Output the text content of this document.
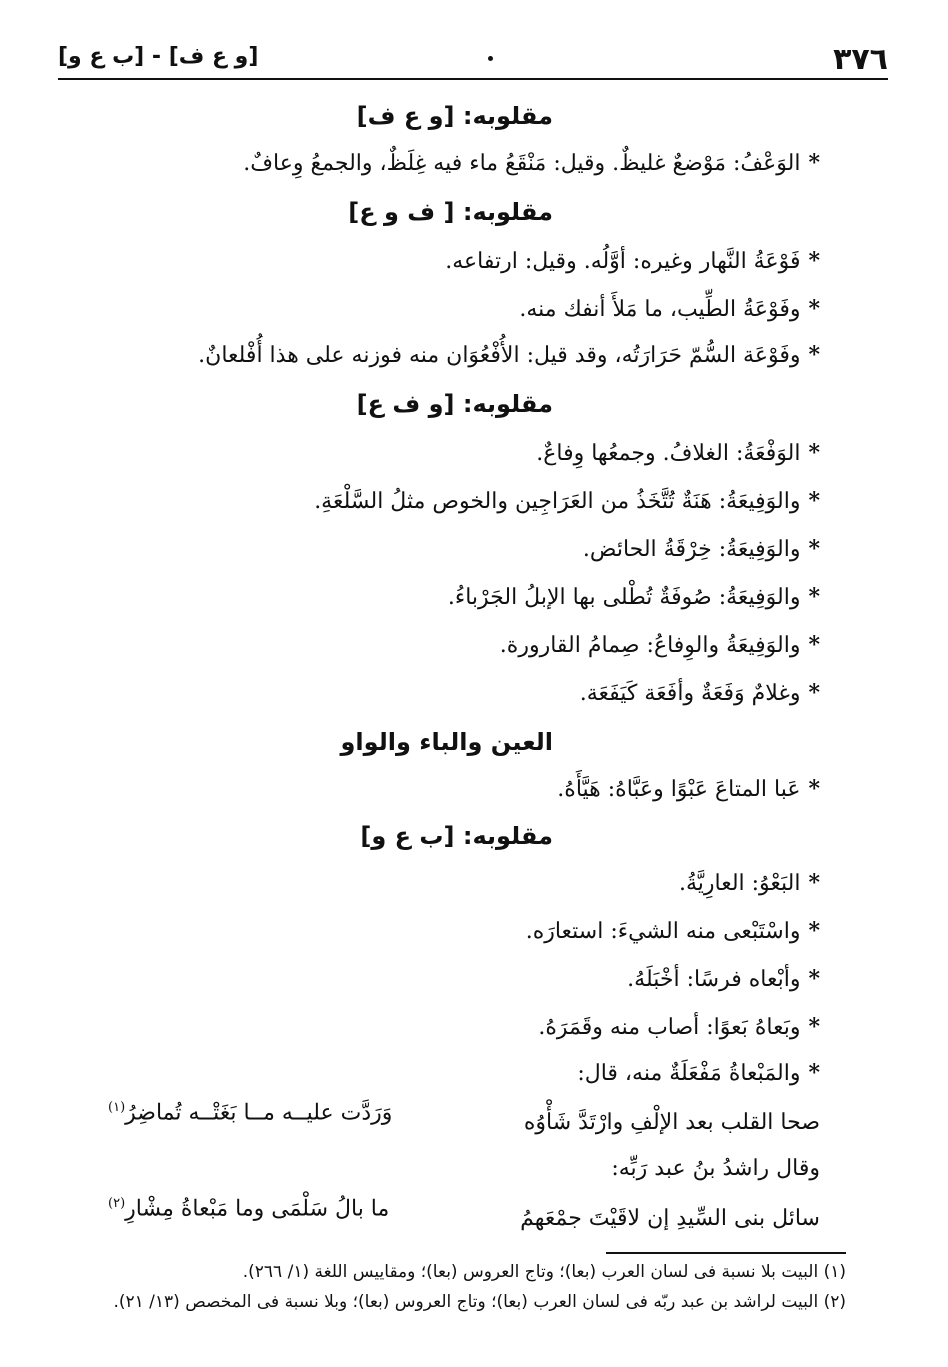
٣٧٦
[و ع ف] - [ب ع و]
مقلوبه: [و ع ف]
*الوَعْفُ: مَوْضعٌ غليظٌ. وقيل: مَنْقَعُ ماء فيه غِلَظٌ، والجمعُ وِعافٌ.
مقلوبه: [ ف و ع]
*فَوْعَةُ النَّهار وغيره: أوَّلُه. وقيل: ارتفاعه.
*وفَوْعَةُ الطِّيب، ما مَلأَ أنفك منه.
*وفَوْعَة السُّمّ حَرَارَتُه، وقد قيل: الأُفْعُوَان منه فوزنه على هذا أُفْلعانٌ.
مقلوبه: [و ف ع]
*الوَفْعَةُ: الغلافُ. وجمعُها وِفاعٌ.
*والوَفِيعَةُ: هَنَةٌ تُتَّخَذُ من العَرَاجِين والخوص مثلُ السَّلْعَةِ.
*والوَفِيعَةُ: خِرْقَةُ الحائض.
*والوَفِيعَةُ: صُوفَةٌ تُطْلى بها الإبلُ الجَرْباءُ.
*والوَفِيعَةُ والوِفاعُ: صِمامُ القارورة.
*وغلامٌ وَفَعَةٌ وأفَعَة كَيَفَعَة.
العين والباء والواو
*عَبا المتاعَ عَبْوًا وعَبَّاهُ: هَيَّأَهُ.
مقلوبه: [ب ع و]
*البَعْوُ: العارِيَّةُ.
*واسْتَبْعى منه الشيءَ: استعارَه.
*وأبْعاه فرسًا: أخْبَلَهُ.
*وبَعاهُ بَعوًا: أصاب منه وقَمَرَهُ.
*والمَبْعاةُ مَفْعَلَةٌ منه، قال:
صحا القلب بعد الإلْفِ وارْتَدَّ شَأْوُه
وَرَدَّت عليــه مــا بَغَتْــه تُماضِرُ$^{(١)}$
وقال راشدُ بنُ عبد رَبِّه:
سائل بنى السِّيدِ إن لاقَيْتَ جمْعَهمُ
ما بالُ سَلْمَى وما مَبْعاةُ مِشْارِ$^{(٢)}$
(١) البيت بلا نسبة فى لسان العرب (بعا)؛ وتاج العروس (بعا)؛ ومقاييس اللغة (١/ ٢٦٦).
(٢) البيت لراشد بن عبد ربّه فى لسان العرب (بعا)؛ وتاج العروس (بعا)؛ وبلا نسبة فى المخصص (١٣/ ٢١).
